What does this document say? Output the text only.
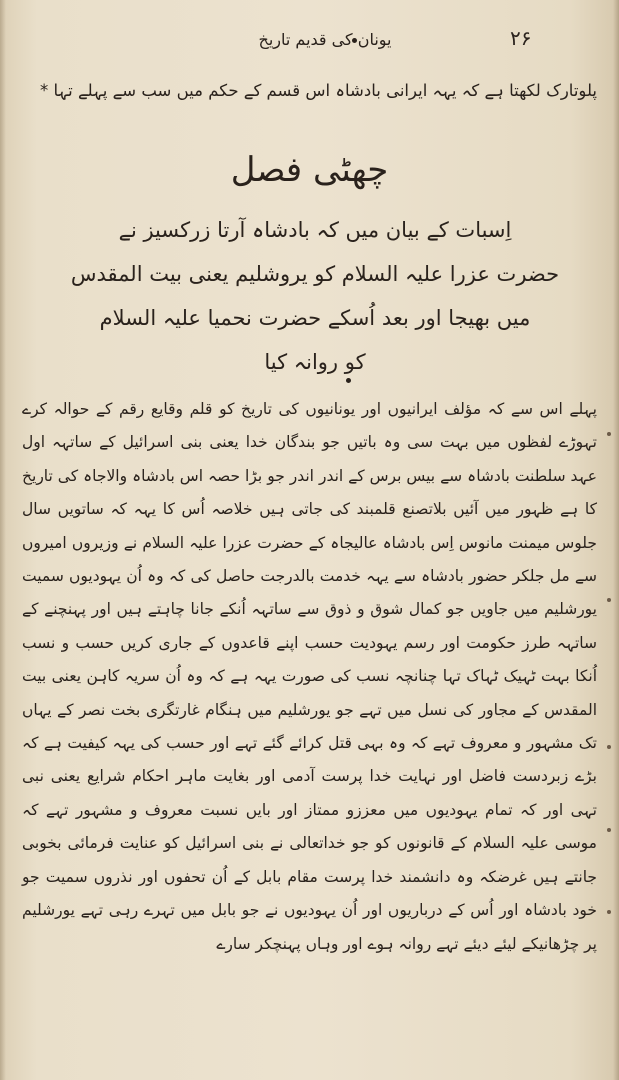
۲۶
یونان کی قدیم تاریخ
پلوتارک لکھتا ہے کہ یہہ ایرانی بادشاہ اس قسم کے حکم میں سب سے پہلے تہا *
چھٹی فصل
اِسبات کے بیان میں کہ بادشاہ آرتا زرکسیز نے
حضرت عزرا علیہ السلام کو یروشلیم یعنی بیت المقدس
میں بھیجا اور بعد اُسکے حضرت نحمیا علیہ السلام
کو روانہ کیا
پہلے اس سے کہ مؤلف ایرانیوں اور یونانیوں کی تاریخ کو قلم وقایع رقم کے حوالہ کرے تہوڑے لفظوں میں بہت سی وہ باتیں جو بندگان خدا یعنی بنی اسرائیل کے ساتہہ اول عہد سلطنت بادشاہ سے بیس برس کے اندر اندر جو بڑا حصہ اس بادشاہ والاجاہ کی تاریخ کا ہے ظہور میں آئیں بلاتصنع قلمبند کی جاتی ہیں خلاصہ اُس کا یہہ کہ ساتویں سال جلوس میمنت مانوس اِس بادشاہ عالیجاہ کے حضرت عزرا علیہ السلام نے وزیروں امیروں سے مل جلکر حضور بادشاہ سے یہہ خدمت بالدرجت حاصل کی کہ وہ اُن یہودیوں سمیت یورشلیم میں جاویں جو کمال شوق و ذوق سے ساتہہ اُنکے جانا چاہتے ہیں اور پہنچنے کے ساتہہ طرز حکومت اور رسم یہودیت حسب اپنے قاعدوں کے جاری کریں حسب و نسب اُنکا بہت ٹہیک ٹہاک تہا چنانچہ نسب کی صورت یہہ ہے کہ وہ اُن سریہ کاہن یعنی بیت المقدس کے مجاور کی نسل میں تہے جو یورشلیم میں ہنگام غارتگری بخت نصر کے یہاں تک مشہور و معروف تہے کہ وہ بہی قتل کرائے گئے تہے اور حسب کی یہہ کیفیت ہے کہ بڑے زبردست فاضل اور نہایت خدا پرست آدمی اور بغایت ماہر احکام شرایع یعنی نبی تہی اور کہ تمام یہودیوں میں معززو ممتاز اور بایں نسبت معروف و مشہور تہے کہ موسی علیہ السلام کے قانونوں کو جو خداتعالی نے بنی اسرائیل کو عنایت فرمائی بخوبی جانتے ہیں غرضکہ وہ دانشمند خدا پرست مقام بابل کے اُن تحفوں اور نذروں سمیت جو خود بادشاہ اور اُس کے درباریوں اور اُن یہودیوں نے جو بابل میں تہرے رہی تہے یورشلیم پر چڑھانیکے لیئے دیئے تہے روانہ ہوے اور وہاں پہنچکر سارے
